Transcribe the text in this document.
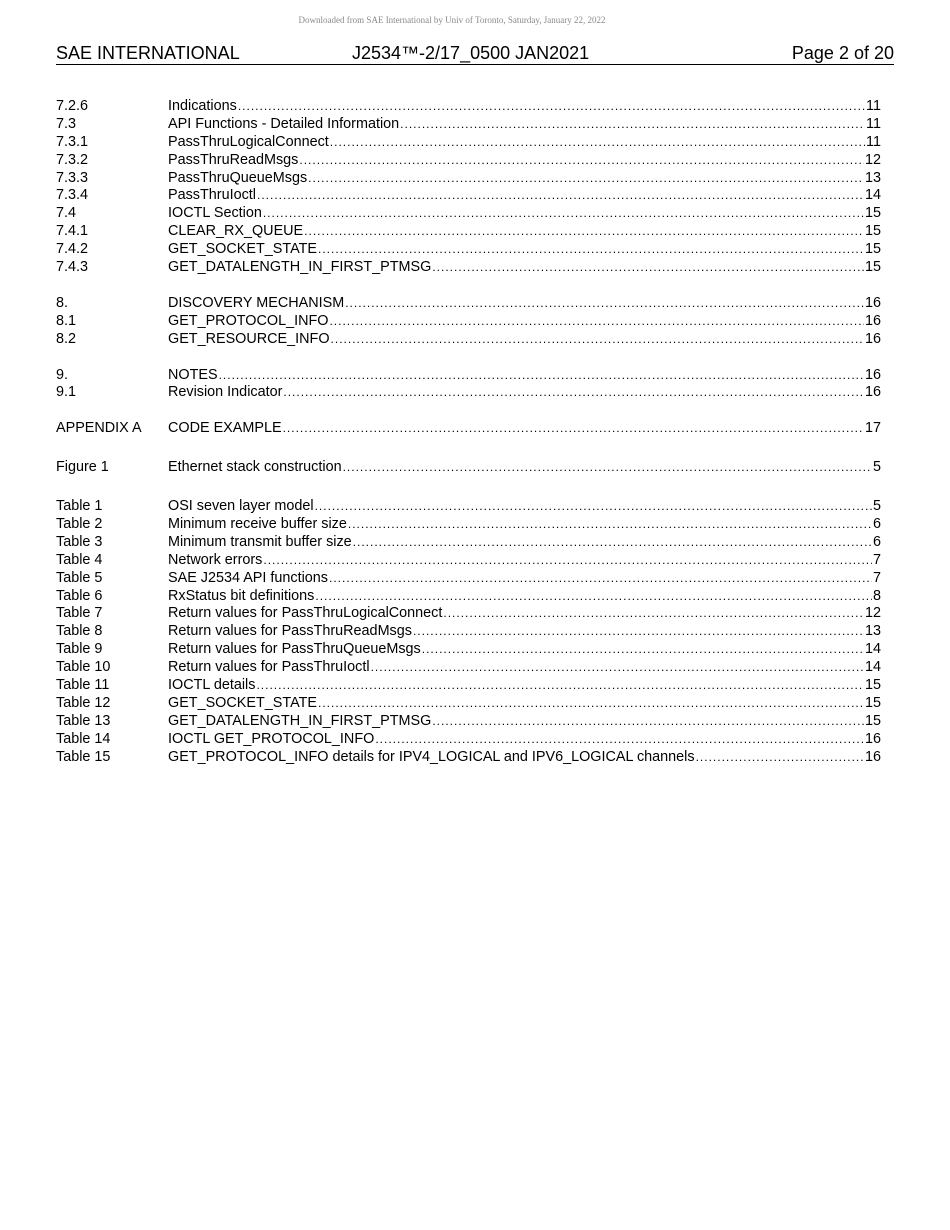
Downloaded from SAE International by Univ of Toronto, Saturday, January 22, 2022
SAE INTERNATIONAL	J2534™-2/17_0500 JAN2021	Page 2 of 20
7.2.6	Indications .....	11
7.3	API Functions - Detailed Information .....	11
7.3.1	PassThruLogicalConnect .....	11
7.3.2	PassThruReadMsgs .....	12
7.3.3	PassThruQueueMsgs .....	13
7.3.4	PassThruIoctl .....	14
7.4	IOCTL Section .....	15
7.4.1	CLEAR_RX_QUEUE .....	15
7.4.2	GET_SOCKET_STATE .....	15
7.4.3	GET_DATALENGTH_IN_FIRST_PTMSG .....	15
8.	DISCOVERY MECHANISM .....	16
8.1	GET_PROTOCOL_INFO .....	16
8.2	GET_RESOURCE_INFO .....	16
9.	NOTES .....	16
9.1	Revision Indicator .....	16
APPENDIX A	CODE EXAMPLE .....	17
Figure 1	Ethernet stack construction .....	5
Table 1	OSI seven layer model .....	5
Table 2	Minimum receive buffer size .....	6
Table 3	Minimum transmit buffer size .....	6
Table 4	Network errors .....	7
Table 5	SAE J2534 API functions .....	7
Table 6	RxStatus bit definitions .....	8
Table 7	Return values for PassThruLogicalConnect .....	12
Table 8	Return values for PassThruReadMsgs .....	13
Table 9	Return values for PassThruQueueMsgs .....	14
Table 10	Return values for PassThruIoctl .....	14
Table 11	IOCTL details .....	15
Table 12	GET_SOCKET_STATE .....	15
Table 13	GET_DATALENGTH_IN_FIRST_PTMSG .....	15
Table 14	IOCTL GET_PROTOCOL_INFO .....	16
Table 15	GET_PROTOCOL_INFO details for IPV4_LOGICAL and IPV6_LOGICAL channels .....	16
